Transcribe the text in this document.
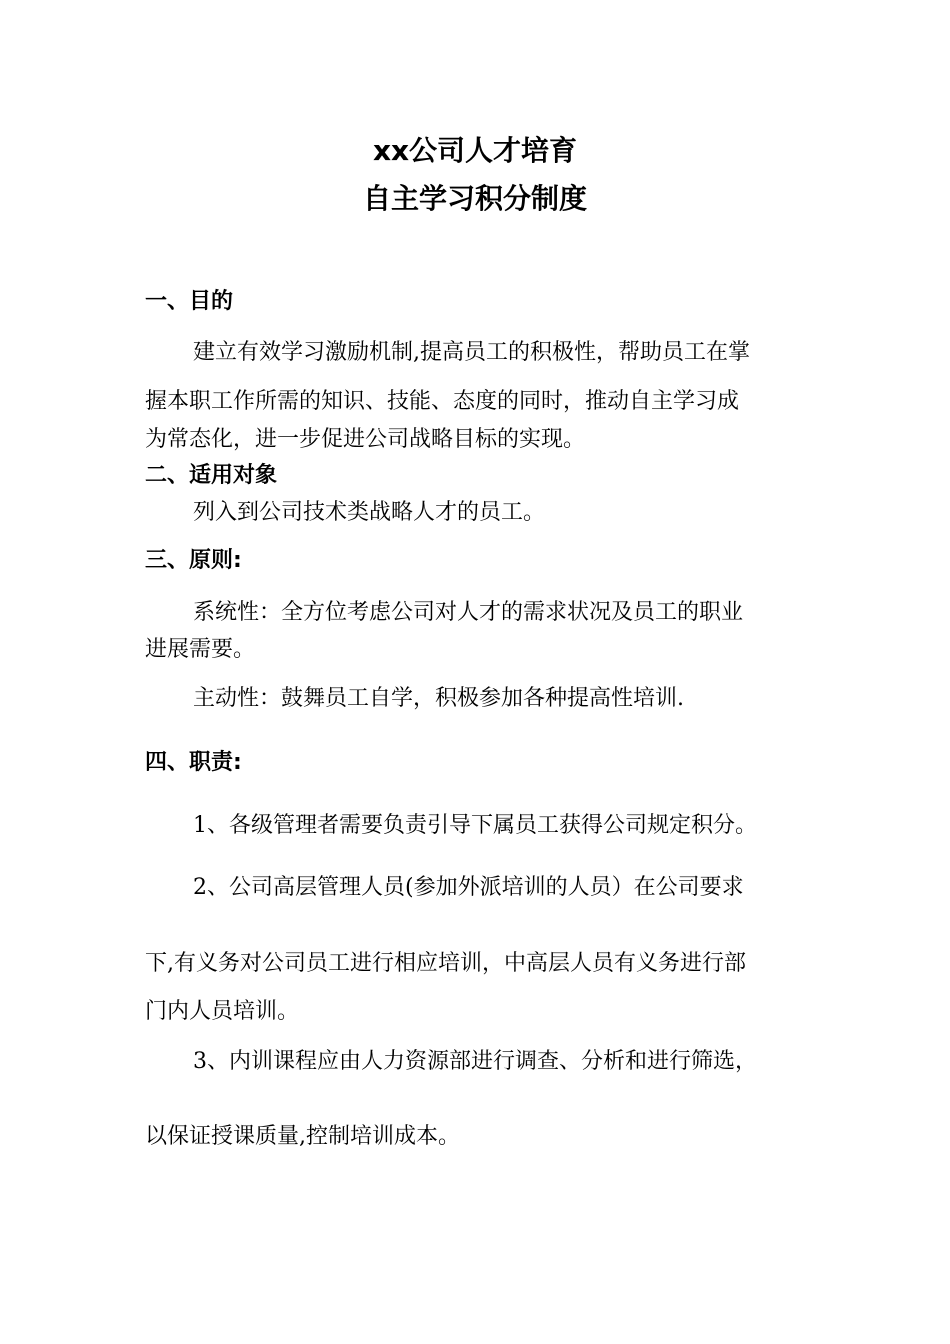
xx公司人才培育
自主学习积分制度
一、目的
建立有效学习激励机制,提高员工的积极性，帮助员工在掌
握本职工作所需的知识、技能、态度的同时，推动自主学习成
为常态化，进一步促进公司战略目标的实现。
二、适用对象
列入到公司技术类战略人才的员工。
三、原则:
系统性：全方位考虑公司对人才的需求状况及员工的职业
进展需要。
主动性：鼓舞员工自学，积极参加各种提高性培训.
四、职责:
1、各级管理者需要负责引导下属员工获得公司规定积分。
2、公司高层管理人员(参加外派培训的人员）在公司要求
下,有义务对公司员工进行相应培训，中高层人员有义务进行部
门内人员培训。
3、内训课程应由人力资源部进行调查、分析和进行筛选，
以保证授课质量,控制培训成本。
